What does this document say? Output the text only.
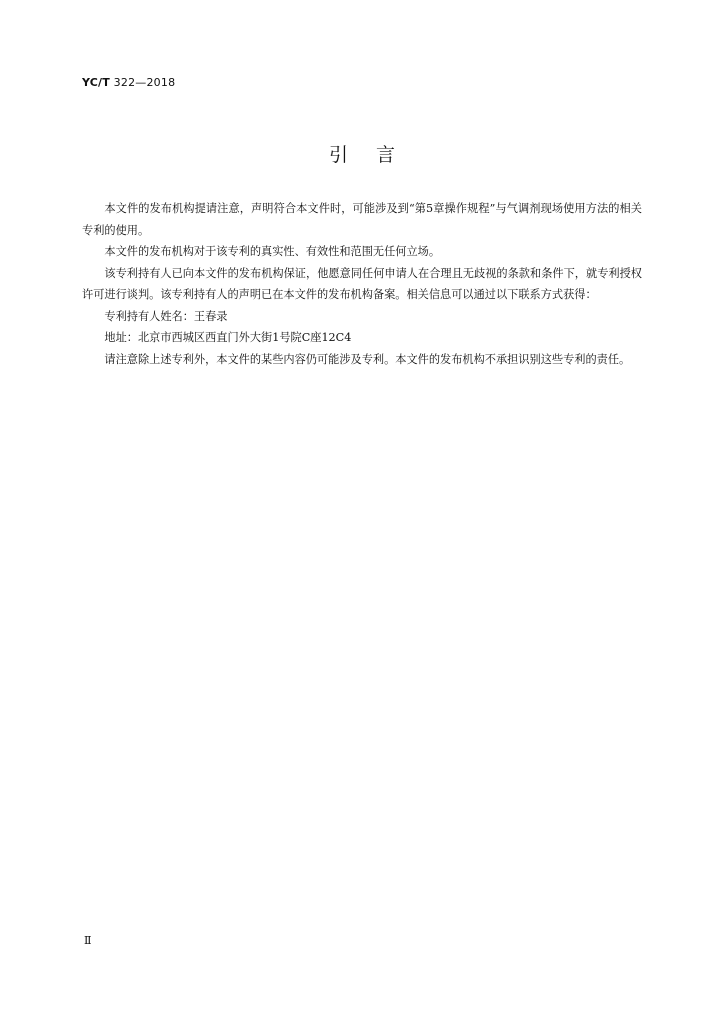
YC/T 322—2018
引言

本文件的发布机构提请注意，声明符合本文件时，可能涉及到“第5章操作规程”与气调剂现场使用方法的相关专利的使用。

本文件的发布机构对于该专利的真实性、有效性和范围无任何立场。

该专利持有人已向本文件的发布机构保证，他愿意同任何申请人在合理且无歧视的条款和条件下，就专利授权许可进行谈判。该专利持有人的声明已在本文件的发布机构备案。相关信息可以通过以下联系方式获得：

专利持有人姓名：王春录

地址：北京市西城区西直门外大街1号院C座12C4

请注意除上述专利外，本文件的某些内容仍可能涉及专利。本文件的发布机构不承担识别这些专利的责任。

Ⅱ
